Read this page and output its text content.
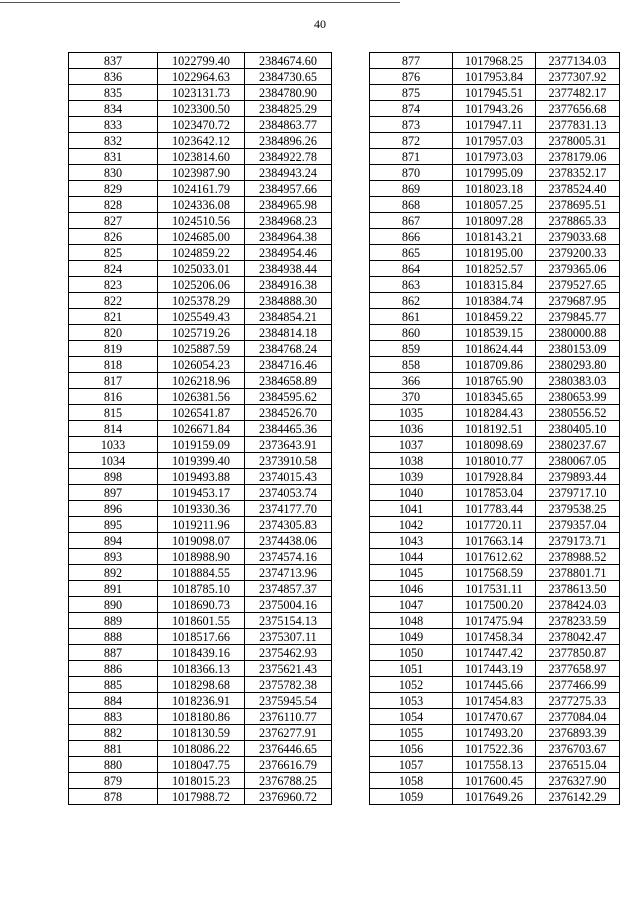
40
837	1022799.40	2384674.60
836	1022964.63	2384730.65
835	1023131.73	2384780.90
834	1023300.50	2384825.29
833	1023470.72	2384863.77
832	1023642.12	2384896.26
831	1023814.60	2384922.78
830	1023987.90	2384943.24
829	1024161.79	2384957.66
828	1024336.08	2384965.98
827	1024510.56	2384968.23
826	1024685.00	2384964.38
825	1024859.22	2384954.46
824	1025033.01	2384938.44
823	1025206.06	2384916.38
822	1025378.29	2384888.30
821	1025549.43	2384854.21
820	1025719.26	2384814.18
819	1025887.59	2384768.24
818	1026054.23	2384716.46
817	1026218.96	2384658.89
816	1026381.56	2384595.62
815	1026541.87	2384526.70
814	1026671.84	2384465.36
1033	1019159.09	2373643.91
1034	1019399.40	2373910.58
898	1019493.88	2374015.43
897	1019453.17	2374053.74
896	1019330.36	2374177.70
895	1019211.96	2374305.83
894	1019098.07	2374438.06
893	1018988.90	2374574.16
892	1018884.55	2374713.96
891	1018785.10	2374857.37
890	1018690.73	2375004.16
889	1018601.55	2375154.13
888	1018517.66	2375307.11
887	1018439.16	2375462.93
886	1018366.13	2375621.43
885	1018298.68	2375782.38
884	1018236.91	2375945.54
883	1018180.86	2376110.77
882	1018130.59	2376277.91
881	1018086.22	2376446.65
880	1018047.75	2376616.79
879	1018015.23	2376788.25
878	1017988.72	2376960.72
877	1017968.25	2377134.03
876	1017953.84	2377307.92
875	1017945.51	2377482.17
874	1017943.26	2377656.68
873	1017947.11	2377831.13
872	1017957.03	2378005.31
871	1017973.03	2378179.06
870	1017995.09	2378352.17
869	1018023.18	2378524.40
868	1018057.25	2378695.51
867	1018097.28	2378865.33
866	1018143.21	2379033.68
865	1018195.00	2379200.33
864	1018252.57	2379365.06
863	1018315.84	2379527.65
862	1018384.74	2379687.95
861	1018459.22	2379845.77
860	1018539.15	2380000.88
859	1018624.44	2380153.09
858	1018709.86	2380293.80
366	1018765.90	2380383.03
370	1018345.65	2380653.99
1035	1018284.43	2380556.52
1036	1018192.51	2380405.10
1037	1018098.69	2380237.67
1038	1018010.77	2380067.05
1039	1017928.84	2379893.44
1040	1017853.04	2379717.10
1041	1017783.44	2379538.25
1042	1017720.11	2379357.04
1043	1017663.14	2379173.71
1044	1017612.62	2378988.52
1045	1017568.59	2378801.71
1046	1017531.11	2378613.50
1047	1017500.20	2378424.03
1048	1017475.94	2378233.59
1049	1017458.34	2378042.47
1050	1017447.42	2377850.87
1051	1017443.19	2377658.97
1052	1017445.66	2377466.99
1053	1017454.83	2377275.33
1054	1017470.67	2377084.04
1055	1017493.20	2376893.39
1056	1017522.36	2376703.67
1057	1017558.13	2376515.04
1058	1017600.45	2376327.90
1059	1017649.26	2376142.29
